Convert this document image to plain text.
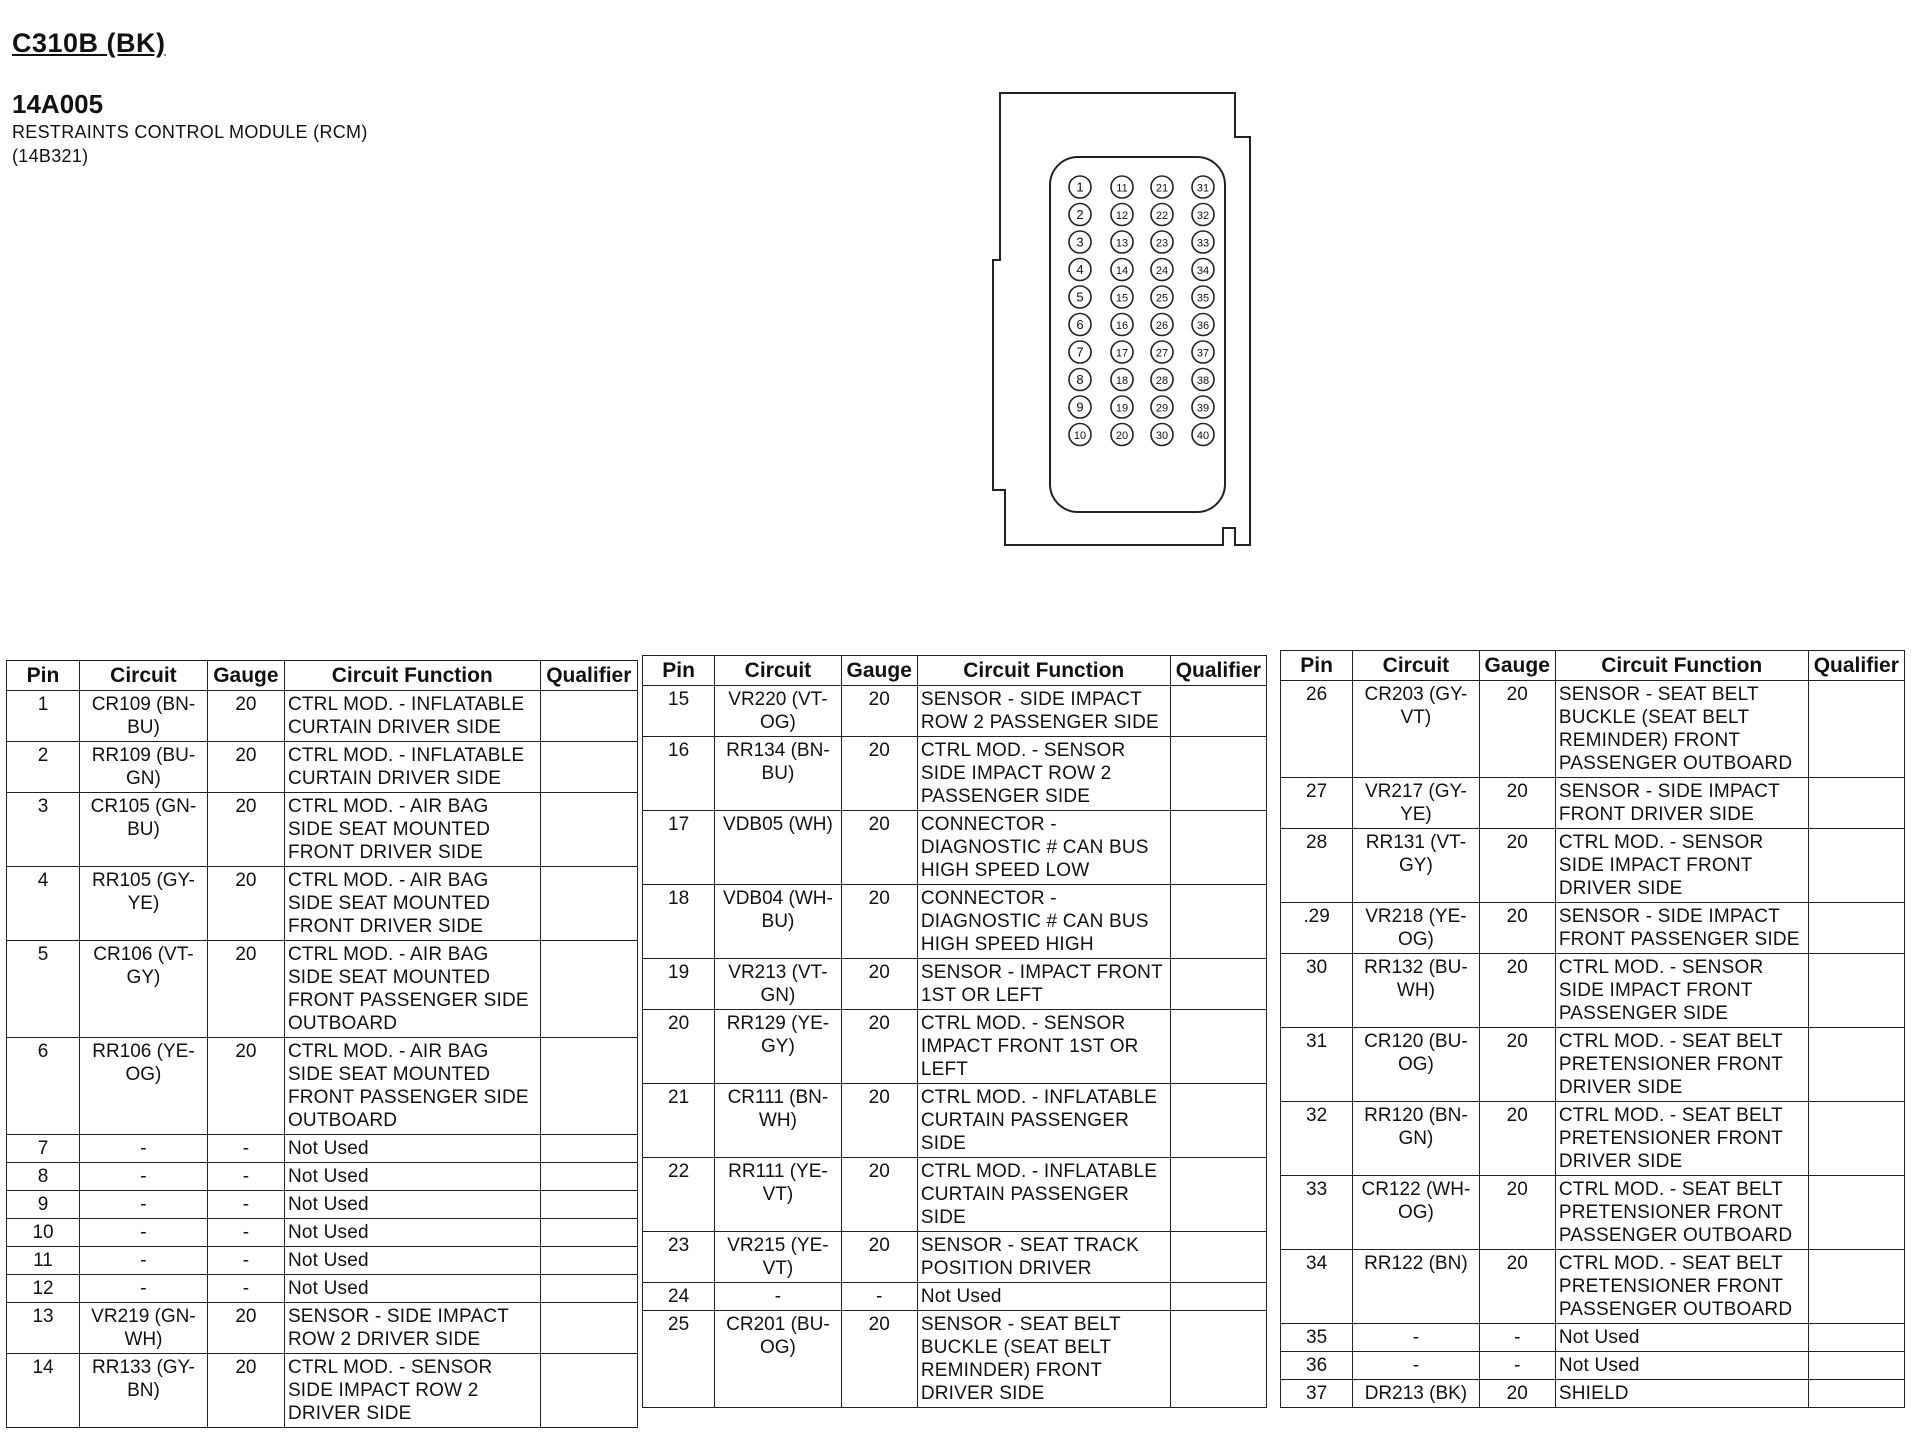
C310B (BK)
14A005
RESTRAINTS CONTROL MODULE (RCM)
(14B321)
1
2
3
4
5
6
7
8
9
10
11
12
13
14
15
16
17
18
19
20
21
22
23
24
25
26
27
28
29
30
31
32
33
34
35
36
37
38
39
40
Pin	Circuit	Gauge	Circuit Function	Qualifier
1	CR109 (BN-BU)	20	CTRL MOD. - INFLATABLE CURTAIN DRIVER SIDE	
2	RR109 (BU-GN)	20	CTRL MOD. - INFLATABLE CURTAIN DRIVER SIDE	
3	CR105 (GN-BU)	20	CTRL MOD. - AIR BAG SIDE SEAT MOUNTED FRONT DRIVER SIDE	
4	RR105 (GY-YE)	20	CTRL MOD. - AIR BAG SIDE SEAT MOUNTED FRONT DRIVER SIDE	
5	CR106 (VT-GY)	20	CTRL MOD. - AIR BAG SIDE SEAT MOUNTED FRONT PASSENGER SIDE OUTBOARD	
6	RR106 (YE-OG)	20	CTRL MOD. - AIR BAG SIDE SEAT MOUNTED FRONT PASSENGER SIDE OUTBOARD	
7	-	-	Not Used	
8	-	-	Not Used	
9	-	-	Not Used	
10	-	-	Not Used	
11	-	-	Not Used	
12	-	-	Not Used	
13	VR219 (GN-WH)	20	SENSOR - SIDE IMPACT ROW 2 DRIVER SIDE	
14	RR133 (GY-BN)	20	CTRL MOD. - SENSOR SIDE IMPACT ROW 2 DRIVER SIDE	
Pin	Circuit	Gauge	Circuit Function	Qualifier
15	VR220 (VT-OG)	20	SENSOR - SIDE IMPACT ROW 2 PASSENGER SIDE	
16	RR134 (BN-BU)	20	CTRL MOD. - SENSOR SIDE IMPACT ROW 2 PASSENGER SIDE	
17	VDB05 (WH)	20	CONNECTOR - DIAGNOSTIC # CAN BUS HIGH SPEED LOW	
18	VDB04 (WH-BU)	20	CONNECTOR - DIAGNOSTIC # CAN BUS HIGH SPEED HIGH	
19	VR213 (VT-GN)	20	SENSOR - IMPACT FRONT 1ST OR LEFT	
20	RR129 (YE-GY)	20	CTRL MOD. - SENSOR IMPACT FRONT 1ST OR LEFT	
21	CR111 (BN-WH)	20	CTRL MOD. - INFLATABLE CURTAIN PASSENGER SIDE	
22	RR111 (YE-VT)	20	CTRL MOD. - INFLATABLE CURTAIN PASSENGER SIDE	
23	VR215 (YE-VT)	20	SENSOR - SEAT TRACK POSITION DRIVER	
24	-	-	Not Used	
25	CR201 (BU-OG)	20	SENSOR - SEAT BELT BUCKLE (SEAT BELT REMINDER) FRONT DRIVER SIDE	
Pin	Circuit	Gauge	Circuit Function	Qualifier
26	CR203 (GY-VT)	20	SENSOR - SEAT BELT BUCKLE (SEAT BELT REMINDER) FRONT PASSENGER OUTBOARD	
27	VR217 (GY-YE)	20	SENSOR - SIDE IMPACT FRONT DRIVER SIDE	
28	RR131 (VT-GY)	20	CTRL MOD. - SENSOR SIDE IMPACT FRONT DRIVER SIDE	
.29	VR218 (YE-OG)	20	SENSOR - SIDE IMPACT FRONT PASSENGER SIDE	
30	RR132 (BU-WH)	20	CTRL MOD. - SENSOR SIDE IMPACT FRONT PASSENGER SIDE	
31	CR120 (BU-OG)	20	CTRL MOD. - SEAT BELT PRETENSIONER FRONT DRIVER SIDE	
32	RR120 (BN-GN)	20	CTRL MOD. - SEAT BELT PRETENSIONER FRONT DRIVER SIDE	
33	CR122 (WH-OG)	20	CTRL MOD. - SEAT BELT PRETENSIONER FRONT PASSENGER OUTBOARD	
34	RR122 (BN)	20	CTRL MOD. - SEAT BELT PRETENSIONER FRONT PASSENGER OUTBOARD	
35	-	-	Not Used	
36	-	-	Not Used	
37	DR213 (BK)	20	SHIELD	
